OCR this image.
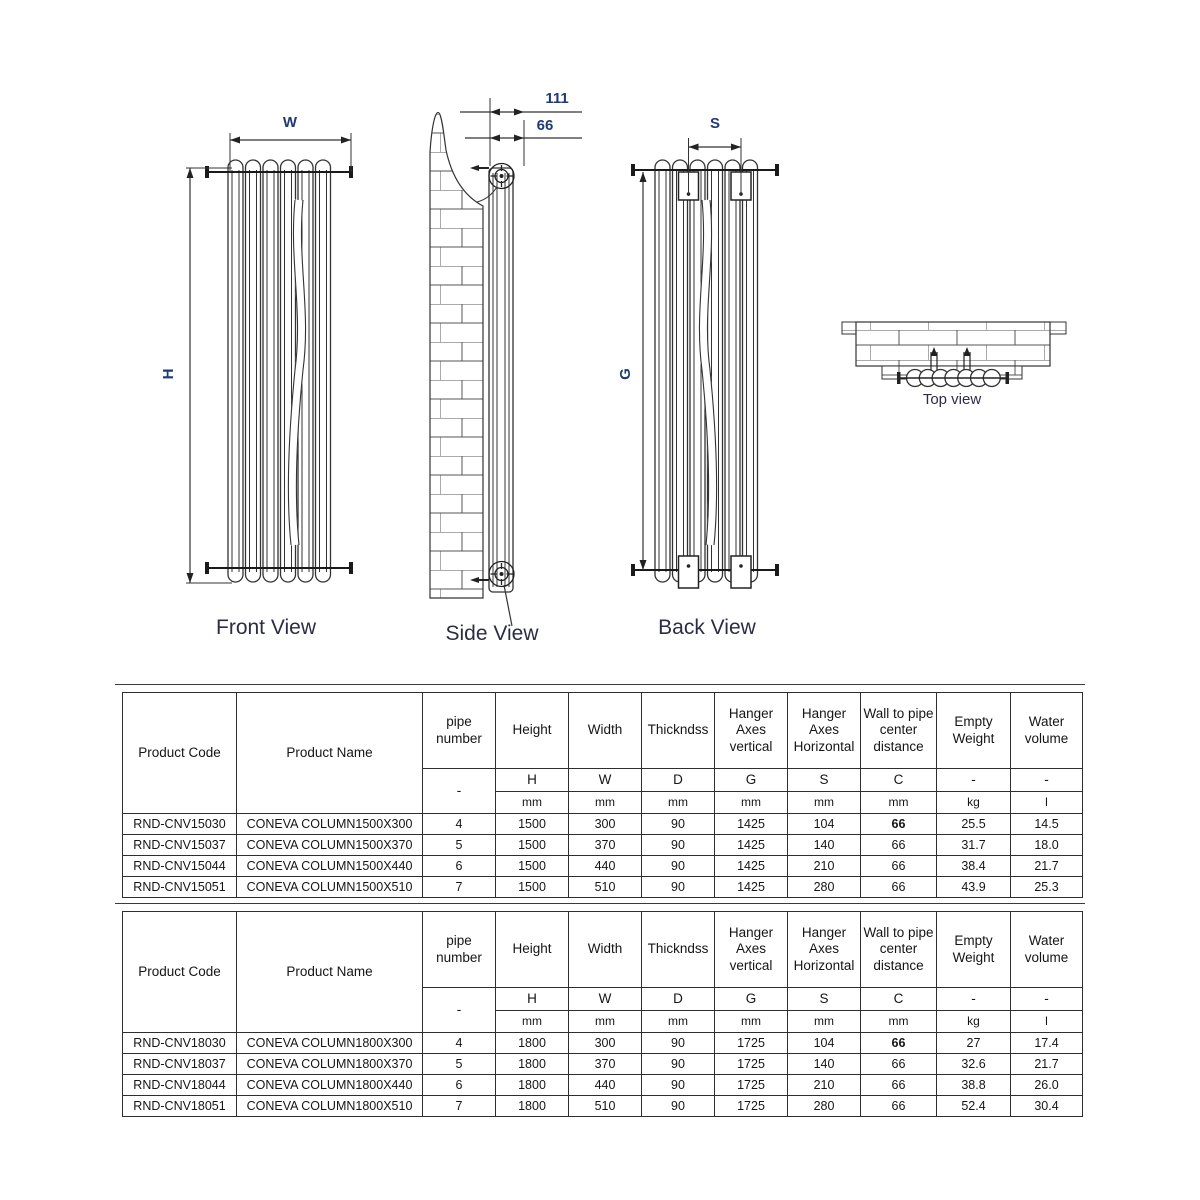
W
H
Front View
111
66
Side View
S
G
Back View
Top view
Product Code	Product Name	pipe number	Height	Width	Thickndss	Hanger Axes vertical	Hanger Axes Horizontal	Wall to pipe center distance	Empty Weight	Water volume
		-	H	W	D	G	S	C	-	-
			mm	mm	mm	mm	mm	mm	kg	l
RND-CNV15030	CONEVA COLUMN1500X300	4	1500	300	90	1425	104	66	25.5	14.5
RND-CNV15037	CONEVA COLUMN1500X370	5	1500	370	90	1425	140	66	31.7	18.0
RND-CNV15044	CONEVA COLUMN1500X440	6	1500	440	90	1425	210	66	38.4	21.7
RND-CNV15051	CONEVA COLUMN1500X510	7	1500	510	90	1425	280	66	43.9	25.3
Product Code	Product Name	pipe number	Height	Width	Thickndss	Hanger Axes vertical	Hanger Axes Horizontal	Wall to pipe center distance	Empty Weight	Water volume
		-	H	W	D	G	S	C	-	-
			mm	mm	mm	mm	mm	mm	kg	l
RND-CNV18030	CONEVA COLUMN1800X300	4	1800	300	90	1725	104	66	27	17.4
RND-CNV18037	CONEVA COLUMN1800X370	5	1800	370	90	1725	140	66	32.6	21.7
RND-CNV18044	CONEVA COLUMN1800X440	6	1800	440	90	1725	210	66	38.8	26.0
RND-CNV18051	CONEVA COLUMN1800X510	7	1800	510	90	1725	280	66	52.4	30.4
